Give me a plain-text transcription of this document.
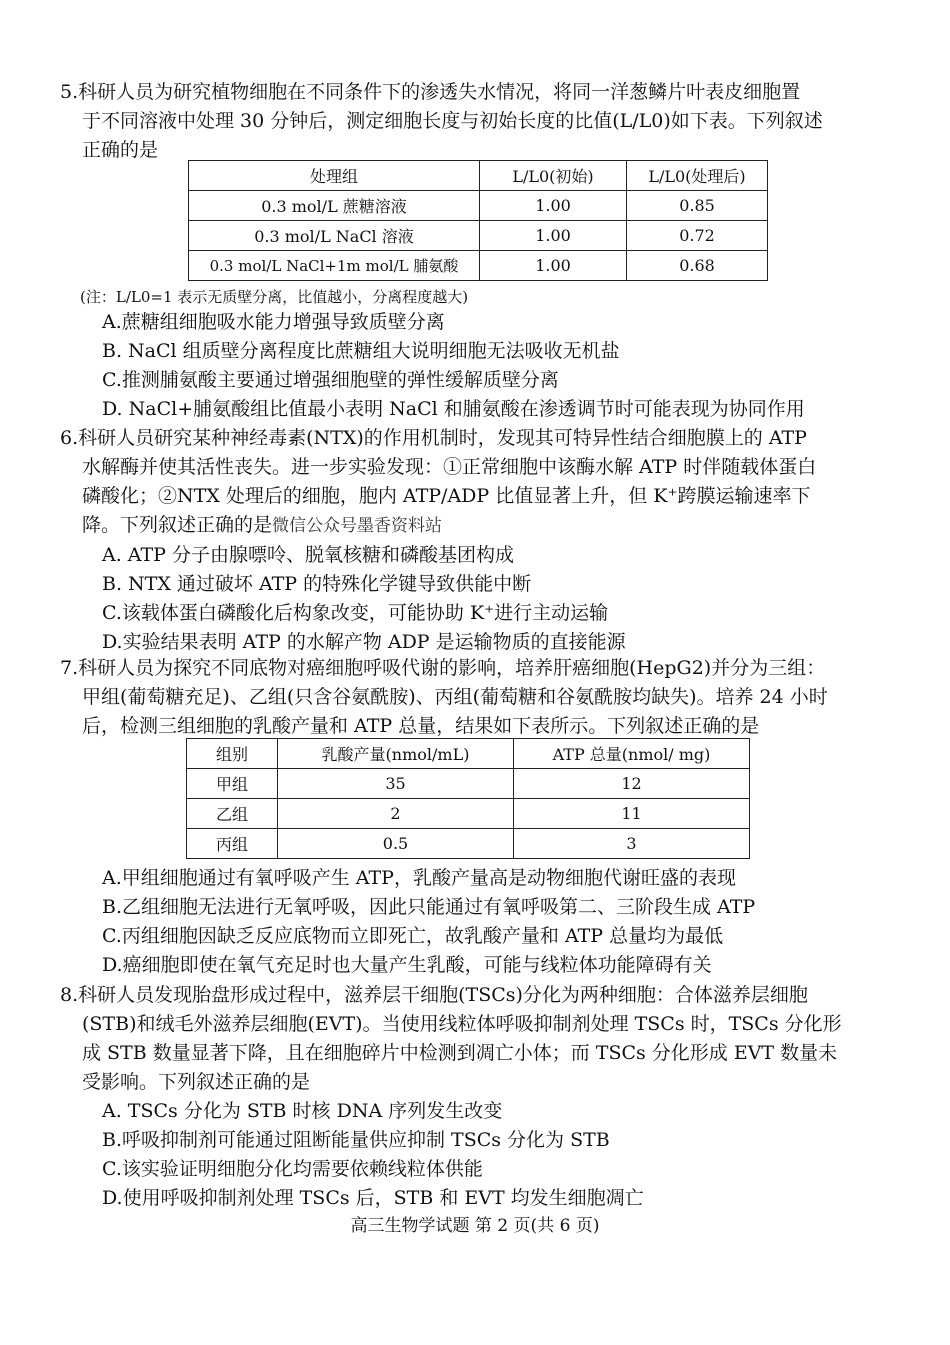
5.科研人员为研究植物细胞在不同条件下的渗透失水情况，将同一洋葱鳞片叶表皮细胞置
于不同溶液中处理 30 分钟后，测定细胞长度与初始长度的比值(L/L0)如下表。下列叙述
正确的是
处理组	L/L0(初始)	L/L0(处理后)
0.3 mol/L 蔗糖溶液	1.00	0.85
0.3 mol/L NaCl 溶液	1.00	0.72
0.3 mol/L NaCl+1m mol/L 脯氨酸	1.00	0.68
(注：L/L0=1 表示无质壁分离，比值越小，分离程度越大)
A.蔗糖组细胞吸水能力增强导致质壁分离
B. NaCl 组质壁分离程度比蔗糖组大说明细胞无法吸收无机盐
C.推测脯氨酸主要通过增强细胞壁的弹性缓解质壁分离
D. NaCl+脯氨酸组比值最小表明 NaCl 和脯氨酸在渗透调节时可能表现为协同作用
6.科研人员研究某种神经毒素(NTX)的作用机制时，发现其可特异性结合细胞膜上的 ATP
水解酶并使其活性丧失。进一步实验发现：①正常细胞中该酶水解 ATP 时伴随载体蛋白
磷酸化；②NTX 处理后的细胞，胞内 ATP/ADP 比值显著上升，但 K⁺跨膜运输速率下
降。下列叙述正确的是微信公众号墨香资料站
A. ATP 分子由腺嘌呤、脱氧核糖和磷酸基团构成
B. NTX 通过破坏 ATP 的特殊化学键导致供能中断
C.该载体蛋白磷酸化后构象改变，可能协助 K⁺进行主动运输
D.实验结果表明 ATP 的水解产物 ADP 是运输物质的直接能源
7.科研人员为探究不同底物对癌细胞呼吸代谢的影响，培养肝癌细胞(HepG2)并分为三组：
甲组(葡萄糖充足)、乙组(只含谷氨酰胺)、丙组(葡萄糖和谷氨酰胺均缺失)。培养 24 小时
后，检测三组细胞的乳酸产量和 ATP 总量，结果如下表所示。下列叙述正确的是
组别	乳酸产量(nmol/mL)	ATP 总量(nmol/ mg)
甲组	35	12
乙组	2	11
丙组	0.5	3
A.甲组细胞通过有氧呼吸产生 ATP，乳酸产量高是动物细胞代谢旺盛的表现
B.乙组细胞无法进行无氧呼吸，因此只能通过有氧呼吸第二、三阶段生成 ATP
C.丙组细胞因缺乏反应底物而立即死亡，故乳酸产量和 ATP 总量均为最低
D.癌细胞即使在氧气充足时也大量产生乳酸，可能与线粒体功能障碍有关
8.科研人员发现胎盘形成过程中，滋养层干细胞(TSCs)分化为两种细胞：合体滋养层细胞
(STB)和绒毛外滋养层细胞(EVT)。当使用线粒体呼吸抑制剂处理 TSCs 时，TSCs 分化形
成 STB 数量显著下降，且在细胞碎片中检测到凋亡小体；而 TSCs 分化形成 EVT 数量未
受影响。下列叙述正确的是
A. TSCs 分化为 STB 时核 DNA 序列发生改变
B.呼吸抑制剂可能通过阻断能量供应抑制 TSCs 分化为 STB
C.该实验证明细胞分化均需要依赖线粒体供能
D.使用呼吸抑制剂处理 TSCs 后，STB 和 EVT 均发生细胞凋亡
高三生物学试题 第 2 页(共 6 页)
